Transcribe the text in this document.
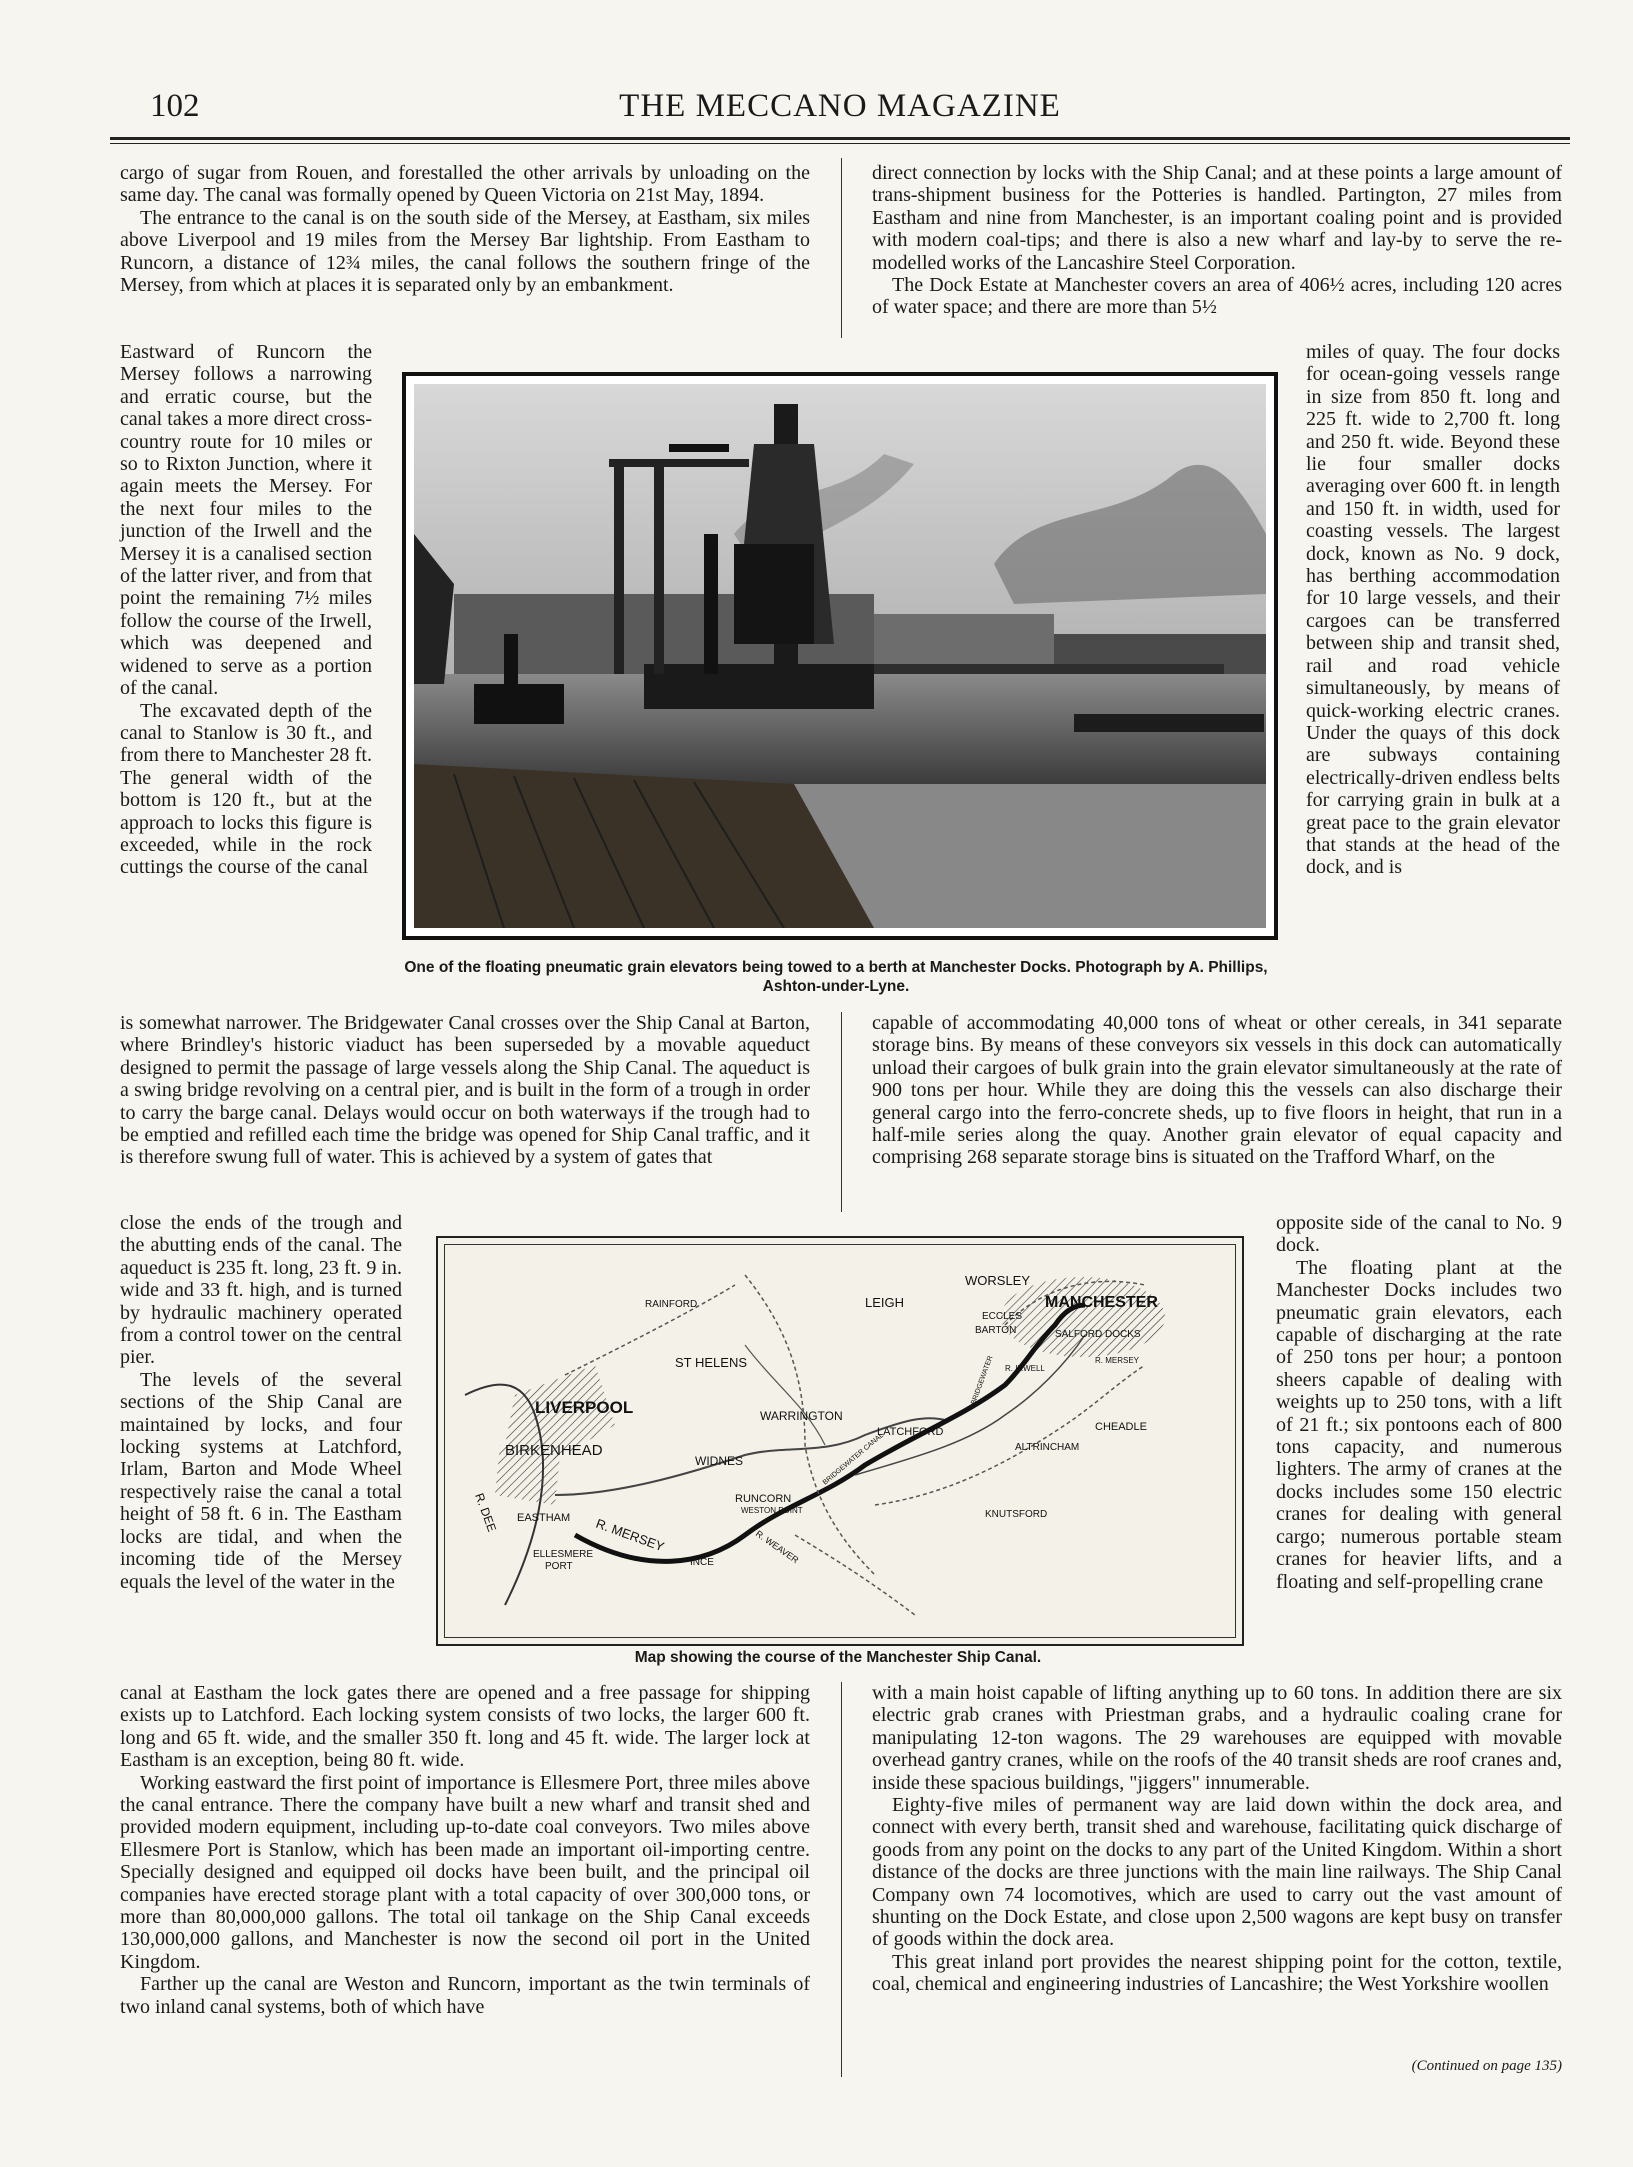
102	THE MECCANO MAGAZINE

cargo of sugar from Rouen, and forestalled the other arrivals by unloading on the same day. The canal was formally opened by Queen Victoria on 21st May, 1894.

The entrance to the canal is on the south side of the Mersey, at Eastham, six miles above Liverpool and 19 miles from the Mersey Bar lightship. From Eastham to Runcorn, a distance of 12¾ miles, the canal follows the southern fringe of the Mersey, from which at places it is separated only by an embankment.

direct connection by locks with the Ship Canal; and at these points a large amount of trans-shipment business for the Potteries is handled. Partington, 27 miles from Eastham and nine from Manchester, is an important coaling point and is provided with modern coal-tips; and there is also a new wharf and lay-by to serve the re-modelled works of the Lancashire Steel Corporation.

The Dock Estate at Manchester covers an area of 406½ acres, including 120 acres of water space; and there are more than 5½

Eastward of Runcorn the Mersey follows a narrowing and erratic course, but the canal takes a more direct cross-country route for 10 miles or so to Rixton Junction, where it again meets the Mersey. For the next four miles to the junction of the Irwell and the Mersey it is a canalised section of the latter river, and from that point the remaining 7½ miles follow the course of the Irwell, which was deepened and widened to serve as a portion of the canal.

The excavated depth of the canal to Stanlow is 30 ft., and from there to Manchester 28 ft. The general width of the bottom is 120 ft., but at the approach to locks this figure is exceeded, while in the rock cuttings the course of the canal

miles of quay. The four docks for ocean-going vessels range in size from 850 ft. long and 225 ft. wide to 2,700 ft. long and 250 ft. wide. Beyond these lie four smaller docks averaging over 600 ft. in length and 150 ft. in width, used for coasting vessels. The largest dock, known as No. 9 dock, has berthing accommodation for 10 large vessels, and their cargoes can be transferred between ship and transit shed, rail and road vehicle simultaneously, by means of quick-working electric cranes. Under the quays of this dock are subways containing electrically-driven endless belts for carrying grain in bulk at a great pace to the grain elevator that stands at the head of the dock, and is

One of the floating pneumatic grain elevators being towed to a berth at Manchester Docks. Photograph by A. Phillips, Ashton-under-Lyne.

is somewhat narrower. The Bridgewater Canal crosses over the Ship Canal at Barton, where Brindley's historic viaduct has been superseded by a movable aqueduct designed to permit the passage of large vessels along the Ship Canal. The aqueduct is a swing bridge revolving on a central pier, and is built in the form of a trough in order to carry the barge canal. Delays would occur on both waterways if the trough had to be emptied and refilled each time the bridge was opened for Ship Canal traffic, and it is therefore swung full of water. This is achieved by a system of gates that

capable of accommodating 40,000 tons of wheat or other cereals, in 341 separate storage bins. By means of these conveyors six vessels in this dock can automatically unload their cargoes of bulk grain into the grain elevator simultaneously at the rate of 900 tons per hour. While they are doing this the vessels can also discharge their general cargo into the ferro-concrete sheds, up to five floors in height, that run in a half-mile series along the quay. Another grain elevator of equal capacity and comprising 268 separate storage bins is situated on the Trafford Wharf, on the

close the ends of the trough and the abutting ends of the canal. The aqueduct is 235 ft. long, 23 ft. 9 in. wide and 33 ft. high, and is turned by hydraulic machinery operated from a control tower on the central pier.

The levels of the several sections of the Ship Canal are maintained by locks, and four locking systems at Latchford, Irlam, Barton and Mode Wheel respectively raise the canal a total height of 58 ft. 6 in. The Eastham locks are tidal, and when the incoming tide of the Mersey equals the level of the water in the

opposite side of the canal to No. 9 dock.

The floating plant at the Manchester Docks includes two pneumatic grain elevators, each capable of discharging at the rate of 250 tons per hour; a pontoon sheers capable of dealing with weights up to 250 tons, with a lift of 21 ft.; six pontoons each of 800 tons capacity, and numerous lighters. The army of cranes at the docks includes some 150 electric cranes for dealing with general cargo; numerous portable steam cranes for heavier lifts, and a floating and self-propelling crane

WORSLEY
LEIGH	MANCHESTER
ECCLES
BARTON	SALFORD DOCKS
RAINFORD
ST HELENS	R. MERSEY
R. IRWELL
LIVERPOOL	WARRINGTON
LATCHFORD	CHEADLE
ALTRINCHAM
BIRKENHEAD
WIDNES
RUNCORN
WESTON POINT	KNUTSFORD
EASTHAM R. MERSEY
R. DEE
ELLESMERE
PORT	INCE	R. WEAVER
BRIDGEWATER CANAL
BRIDGEWATER
Map showing the course of the Manchester Ship Canal.

canal at Eastham the lock gates there are opened and a free passage for shipping exists up to Latchford. Each locking system consists of two locks, the larger 600 ft. long and 65 ft. wide, and the smaller 350 ft. long and 45 ft. wide. The larger lock at Eastham is an exception, being 80 ft. wide.

Working eastward the first point of importance is Ellesmere Port, three miles above the canal entrance. There the company have built a new wharf and transit shed and provided modern equipment, including up-to-date coal conveyors. Two miles above Ellesmere Port is Stanlow, which has been made an important oil-importing centre. Specially designed and equipped oil docks have been built, and the principal oil companies have erected storage plant with a total capacity of over 300,000 tons, or more than 80,000,000 gallons. The total oil tankage on the Ship Canal exceeds 130,000,000 gallons, and Manchester is now the second oil port in the United Kingdom.

Farther up the canal are Weston and Runcorn, important as the twin terminals of two inland canal systems, both of which have

with a main hoist capable of lifting anything up to 60 tons. In addition there are six electric grab cranes with Priestman grabs, and a hydraulic coaling crane for manipulating 12-ton wagons. The 29 warehouses are equipped with movable overhead gantry cranes, while on the roofs of the 40 transit sheds are roof cranes and, inside these spacious buildings, "jiggers" innumerable.

Eighty-five miles of permanent way are laid down within the dock area, and connect with every berth, transit shed and warehouse, facilitating quick discharge of goods from any point on the docks to any part of the United Kingdom. Within a short distance of the docks are three junctions with the main line railways. The Ship Canal Company own 74 locomotives, which are used to carry out the vast amount of shunting on the Dock Estate, and close upon 2,500 wagons are kept busy on transfer of goods within the dock area.

This great inland port provides the nearest shipping point for the cotton, textile, coal, chemical and engineering industries of Lancashire; the West Yorkshire woollen

(Continued on page 135)
